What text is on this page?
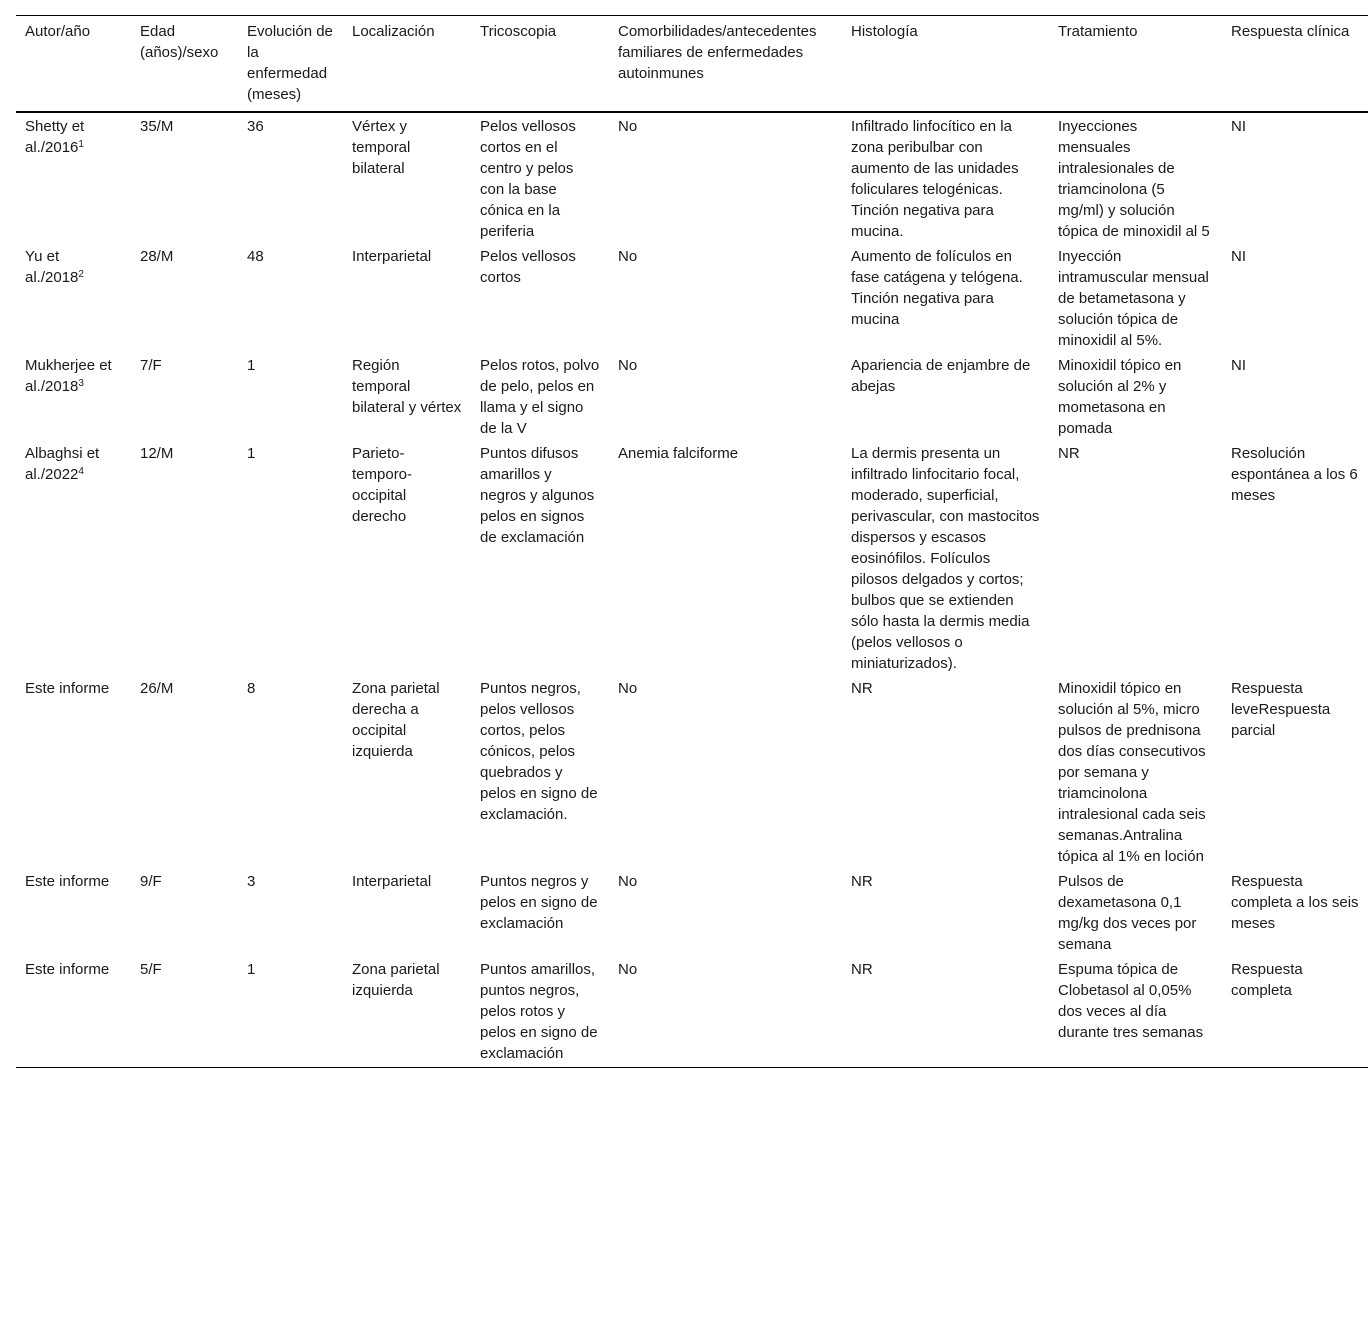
Autor/año	Edad (años)/sexo	Evolución de la enfermedad (meses)	Localización	Tricoscopia	Comorbilidades/antecedentes familiares de enfermedades autoinmunes	Histología	Tratamiento	Respuesta clínica
Shetty et al./2016$^1$	35/M	36	Vértex y temporal bilateral	Pelos vellosos cortos en el centro y pelos con la base cónica en la periferia	No	Infiltrado linfocítico en la zona peribulbar con aumento de las unidades foliculares telogénicas. Tinción negativa para mucina.	Inyecciones mensuales intralesionales de triamcinolona (5 mg/ml) y solución tópica de minoxidil al 5	NI
Yu et al./2018$^2$	28/M	48	Interparietal	Pelos vellosos cortos	No	Aumento de folículos en fase catágena y telógena. Tinción negativa para mucina	Inyección intramuscular mensual de betametasona y solución tópica de minoxidil al 5%.	NI
Mukherjee et al./2018$^3$	7/F	1	Región temporal bilateral y vértex	Pelos rotos, polvo de pelo, pelos en llama y el signo de la V	No	Apariencia de enjambre de abejas	Minoxidil tópico en solución al 2% y mometasona en pomada	NI
Albaghsi et al./2022$^4$	12/M	1	Parieto-temporo-occipital derecho	Puntos difusos amarillos y negros y algunos pelos en signos de exclamación	Anemia falciforme	La dermis presenta un infiltrado linfocitario focal, moderado, superficial, perivascular, con mastocitos dispersos y escasos eosinófilos. Folículos pilosos delgados y cortos; bulbos que se extienden sólo hasta la dermis media (pelos vellosos o miniaturizados).	NR	Resolución espontánea a los 6 meses
Este informe	26/M	8	Zona parietal derecha a occipital izquierda	Puntos negros, pelos vellosos cortos, pelos cónicos, pelos quebrados y pelos en signo de exclamación.	No	NR	Minoxidil tópico en solución al 5%, micro pulsos de prednisona dos días consecutivos por semana y triamcinolona intralesional cada seis semanas.Antralina tópica al 1% en loción	Respuesta leveRespuesta parcial
Este informe	9/F	3	Interparietal	Puntos negros y pelos en signo de exclamación	No	NR	Pulsos de dexametasona 0,1 mg/kg dos veces por semana	Respuesta completa a los seis meses
Este informe	5/F	1	Zona parietal izquierda	Puntos amarillos, puntos negros, pelos rotos y pelos en signo de exclamación	No	NR	Espuma tópica de Clobetasol al 0,05% dos veces al día durante tres semanas	Respuesta completa
